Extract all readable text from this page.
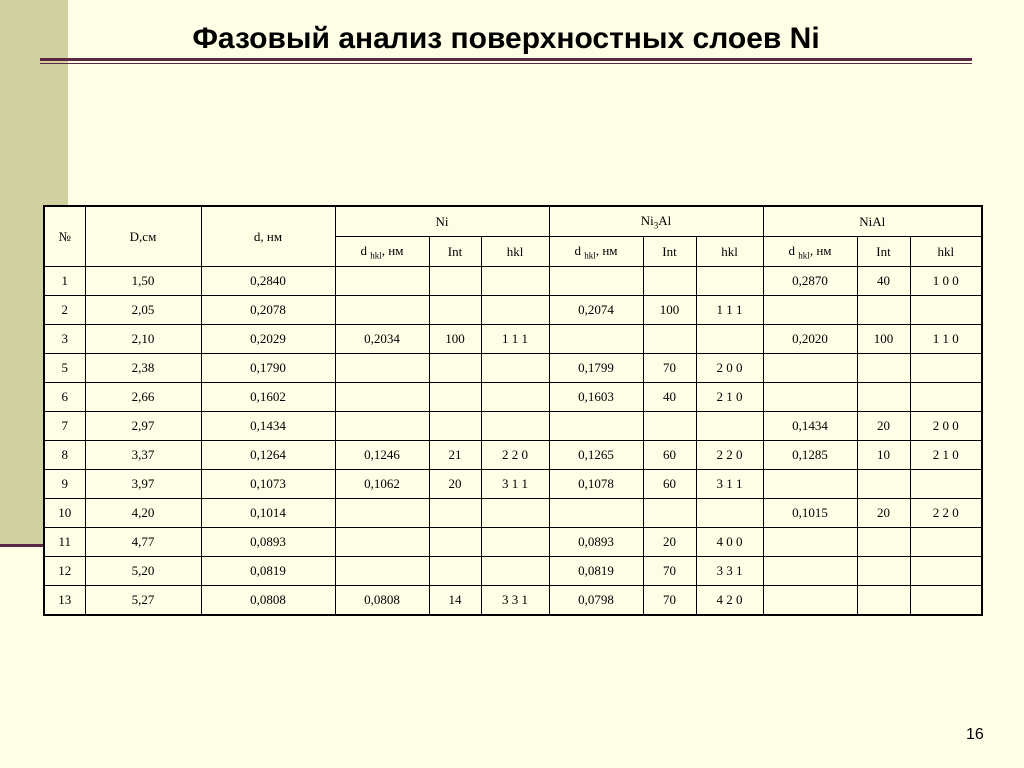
Фазовый анализ поверхностных слоев Ni
№	D,см	d, нм	Ni			$Ni_3Al$			NiAl		
			d $_{hkl}$, нм	Int	hkl	d $_{hkl}$, нм	Int	hkl	d $_{hkl}$, нм	Int	hkl
1	1,50	0,2840							0,2870	40	1 0 0
2	2,05	0,2078				0,2074	100	1 1 1			
3	2,10	0,2029	0,2034	100	1 1 1				0,2020	100	1 1 0
5	2,38	0,1790				0,1799	70	2 0 0			
6	2,66	0,1602				0,1603	40	2 1 0			
7	2,97	0,1434							0,1434	20	2 0 0
8	3,37	0,1264	0,1246	21	2 2 0	0,1265	60	2 2 0	0,1285	10	2 1 0
9	3,97	0,1073	0,1062	20	3 1 1	0,1078	60	3 1 1			
10	4,20	0,1014							0,1015	20	2 2 0
11	4,77	0,0893				0,0893	20	4 0 0			
12	5,20	0,0819				0,0819	70	3 3 1			
13	5,27	0,0808	0,0808	14	3 3 1	0,0798	70	4 2 0			
16
